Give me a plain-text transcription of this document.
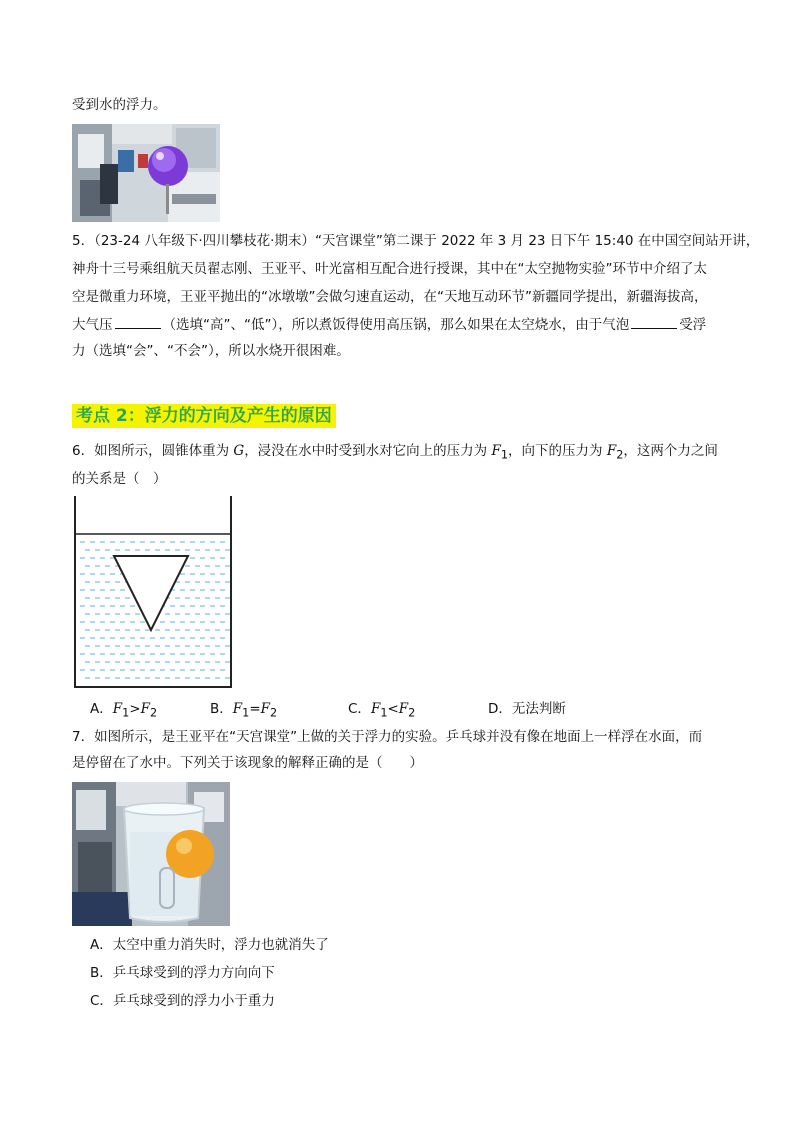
受到水的浮力。
5．（23-24 八年级下·四川攀枝花·期末）“天宫课堂”第二课于 2022 年 3 月 23 日下午 15:40 在中国空间站开讲，
神舟十三号乘组航天员翟志刚、王亚平、叶光富相互配合进行授课，其中在“太空抛物实验”环节中介绍了太
空是微重力环境，王亚平抛出的“冰墩墩”会做匀速直运动，在“天地互动环节”新疆同学提出，新疆海拔高，
大气压	（选填“高”、“低”），所以煮饭得使用高压锅，那么如果在太空烧水，由于气泡	受浮
力（选填“会”、“不会”），所以水烧开很困难。
考点 2：浮力的方向及产生的原因
6．如图所示，圆锥体重为 G，浸没在水中时受到水对它向上的压力为 $F_1$，向下的压力为 $F_2$，这两个力之间
的关系是（　）
A．$F_1>F_2$	B．$F_1=F_2$	C．$F_1<F_2$	D．无法判断
7．如图所示，是王亚平在“天宫课堂”上做的关于浮力的实验。乒乓球并没有像在地面上一样浮在水面，而
是停留在了水中。下列关于该现象的解释正确的是（　　）
A．太空中重力消失时，浮力也就消失了
B．乒乓球受到的浮力方向向下
C．乒乓球受到的浮力小于重力
